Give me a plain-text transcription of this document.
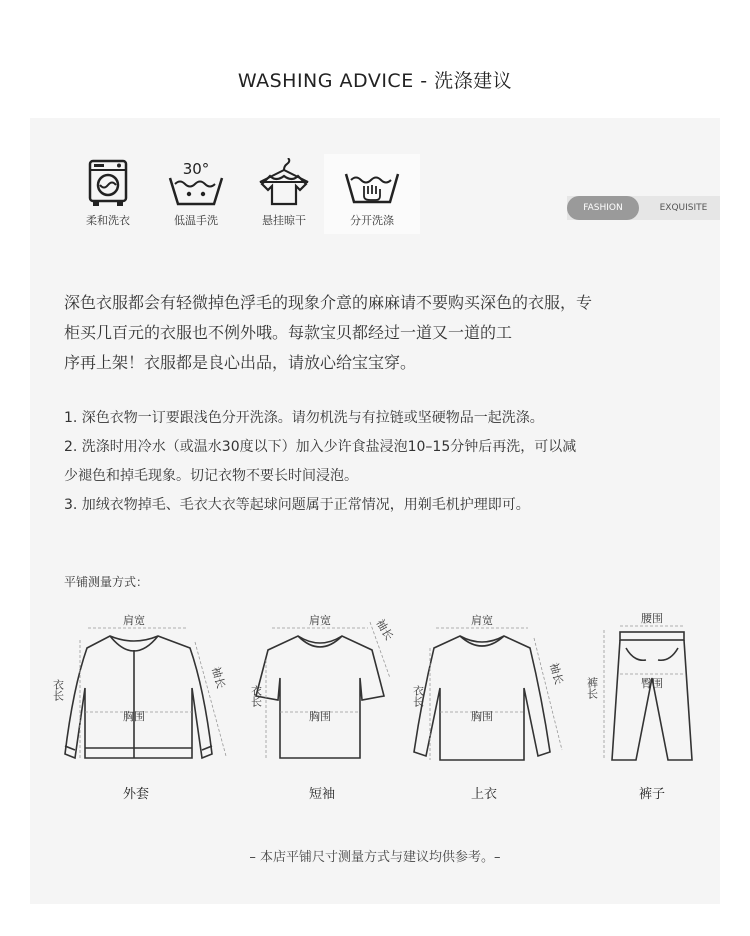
WASHING ADVICE - 洗涤建议
柔和洗衣
30°
低温手洗	悬挂晾干	分开洗涤
FASHION	EXQUISITE

深色衣服都会有轻微掉色浮毛的现象介意的麻麻请不要购买深色的衣服，专

柜买几百元的衣服也不例外哦。每款宝贝都经过一道又一道的工

序再上架！衣服都是良心出品，请放心给宝宝穿。

1. 深色衣物一订要跟浅色分开洗涤。请勿机洗与有拉链或坚硬物品一起洗涤。

2. 洗涤时用冷水（或温水30度以下）加入少许食盐浸泡10–15分钟后再洗，可以减

少褪色和掉毛现象。切记衣物不要长时间浸泡。

3. 加绒衣物掉毛、毛衣大衣等起球问题属于正常情况，用剃毛机护理即可。

平铺测量方式：
肩宽
胸围
衣长	袖长
肩宽
胸围
衣长
袖长	肩宽
胸围
衣长
袖长
腰围
臀围
裤长
外套	短袖	上衣	裤子
– 本店平铺尺寸测量方式与建议均供参考。–
